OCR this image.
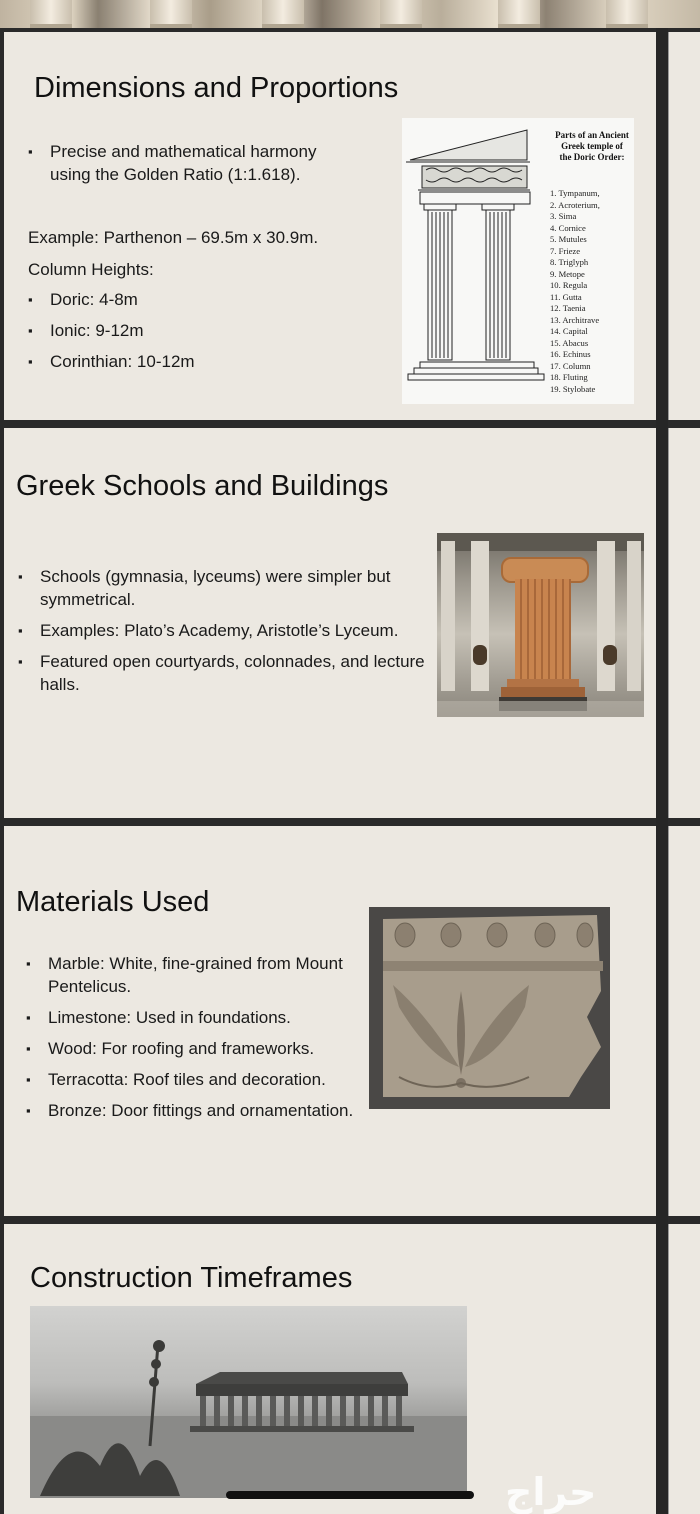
Dimensions and Proportions
▪ Precise and mathematical harmony using the Golden Ratio (1:1.618).

Example: Parthenon – 69.5m x 30.9m.

Column Heights:

▪ Doric: 4-8m
▪ Ionic: 9-12m
▪ Corinthian: 10-12m
Parts of an Ancient Greek temple of the Doric Order:
1. Tympanum,
2. Acroterium,
3. Sima
4. Cornice
5. Mutules
7. Frieze
8. Triglyph
9. Metope
10. Regula
11. Gutta
12. Taenia
13. Architrave
14. Capital
15. Abacus
16. Echinus
17. Column
18. Fluting
19. Stylobate
Greek Schools and Buildings
▪ Schools (gymnasia, lyceums) were simpler but symmetrical.
▪ Examples: Plato’s Academy, Aristotle’s Lyceum.
▪ Featured open courtyards, colonnades, and lecture halls.
Materials Used
▪ Marble: White, fine-grained from Mount Pentelicus.
▪ Limestone: Used in foundations.
▪ Wood: For roofing and frameworks.
▪ Terracotta: Roof tiles and decoration.
▪ Bronze: Door fittings and ornamentation.
Construction Timeframes
حراج
